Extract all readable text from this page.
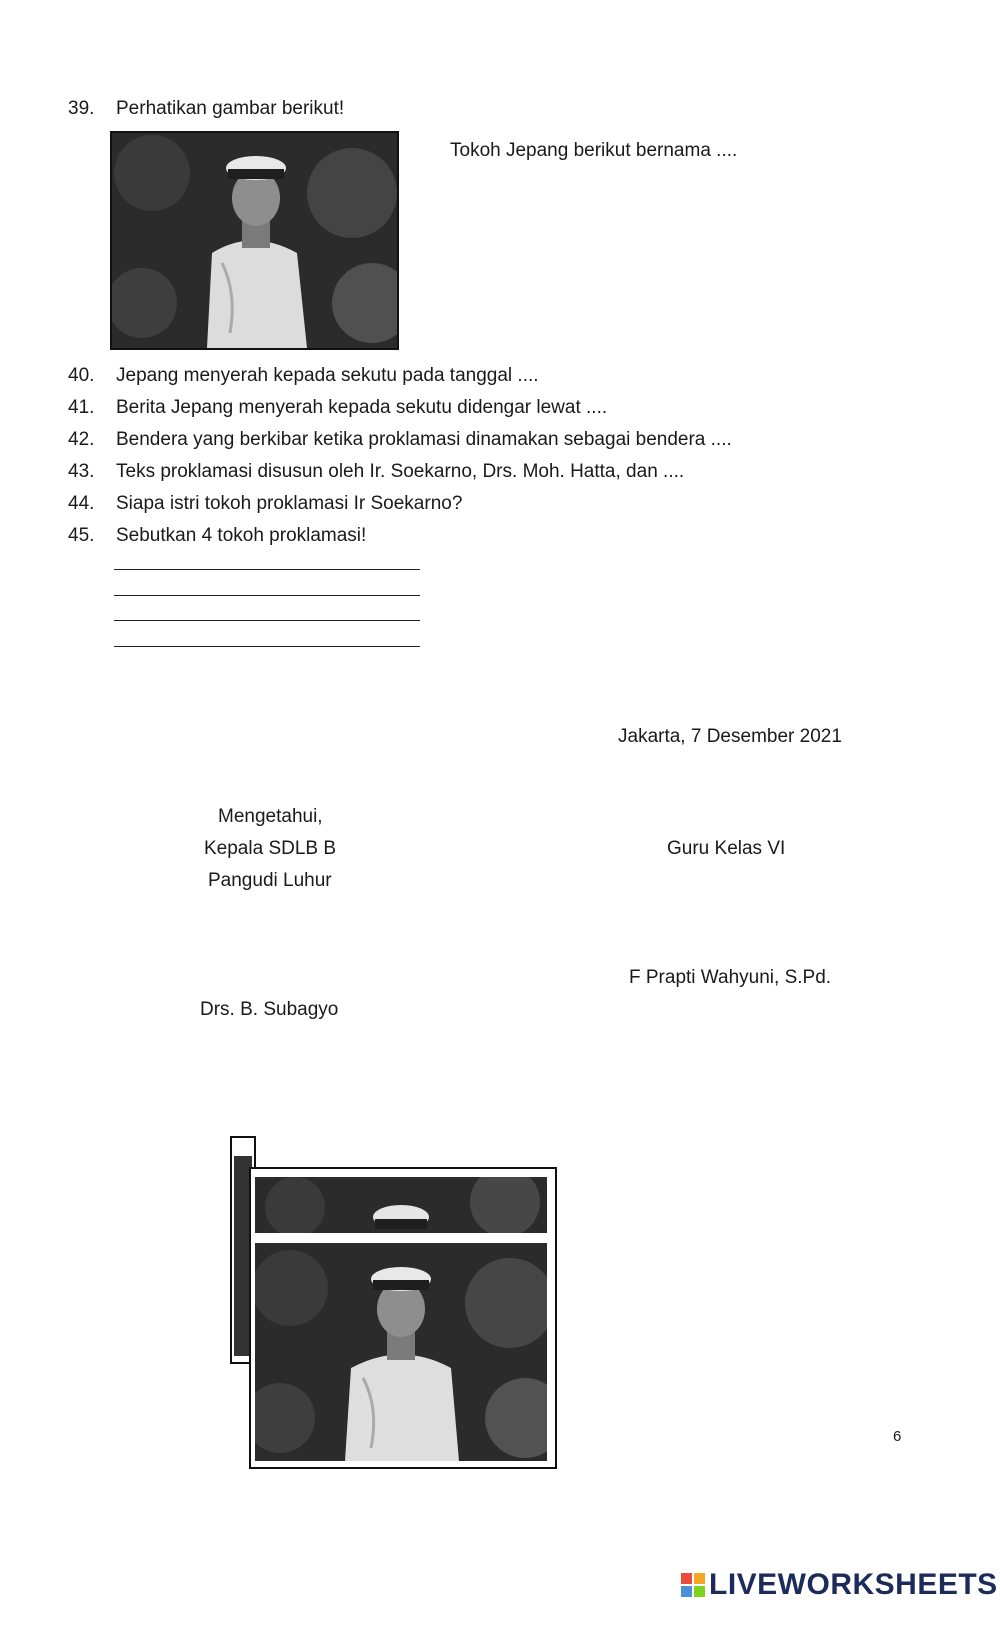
39. Perhatikan gambar berikut!
Tokoh Jepang berikut bernama ....
40. Jepang menyerah kepada sekutu pada tanggal ....
41. Berita Jepang menyerah kepada sekutu didengar lewat ....
42. Bendera yang berkibar ketika proklamasi dinamakan sebagai bendera ....
43. Teks proklamasi disusun oleh Ir. Soekarno, Drs. Moh. Hatta, dan ....
44. Siapa istri tokoh proklamasi Ir Soekarno?
45. Sebutkan 4 tokoh proklamasi!
Jakarta, 7 Desember 2021
Mengetahui,
Kepala SDLB B
Pangudi Luhur
Drs. B. Subagyo
Guru Kelas VI
F Prapti Wahyuni, S.Pd.
6
LIVEWORKSHEETS
